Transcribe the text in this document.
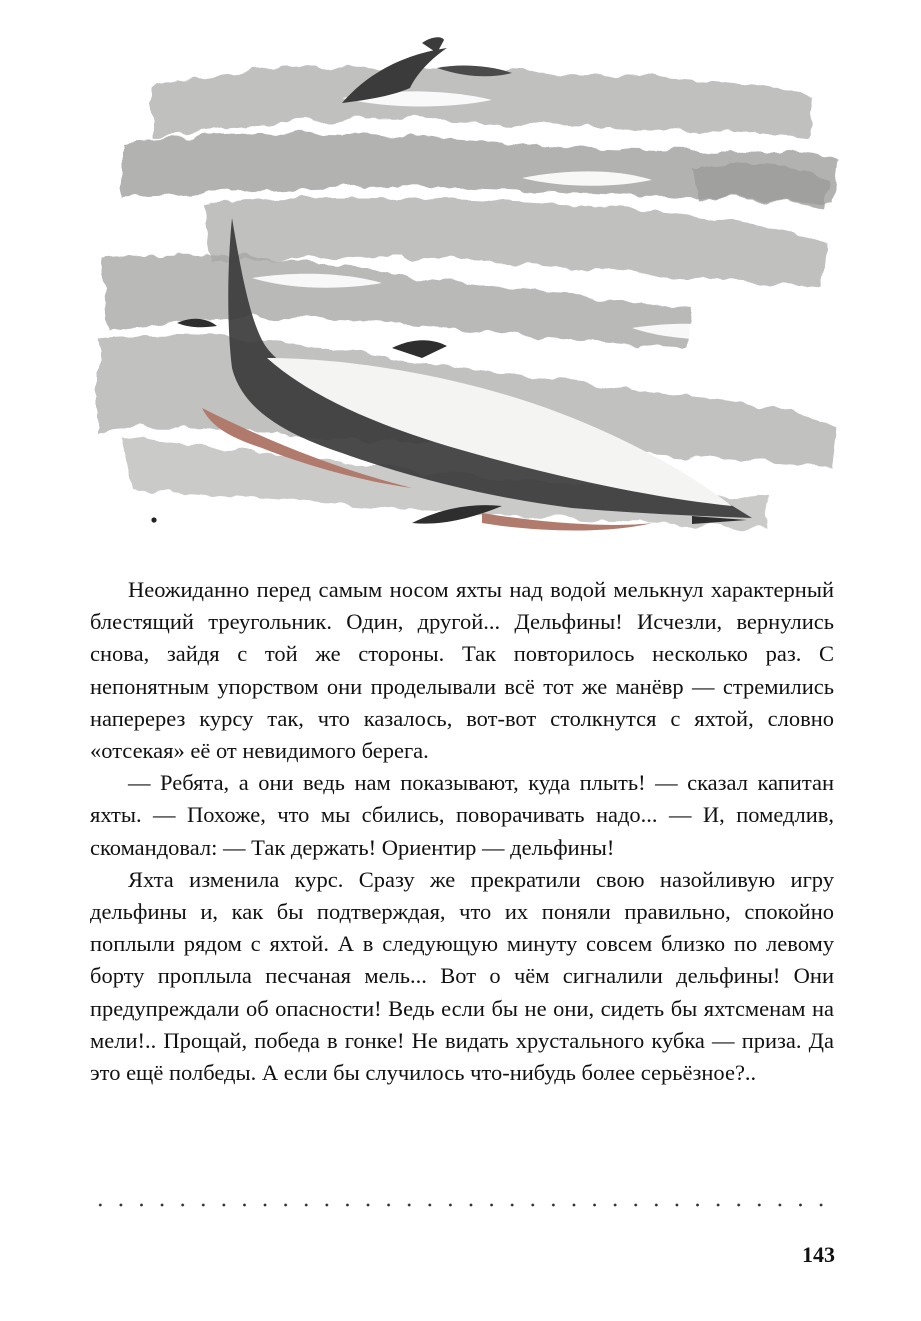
Неожиданно перед самым носом яхты над водой мелькнул характерный блестящий треугольник. Один, другой... Дельфины! Исчезли, вернулись снова, зайдя с той же стороны. Так повторилось несколько раз. С непонятным упорством они проделывали всё тот же манёвр — стремились наперерез курсу так, что казалось, вот-вот столкнутся с яхтой, словно «отсекая» её от невидимого берега.

— Ребята, а они ведь нам показывают, куда плыть! — сказал капитан яхты. — Похоже, что мы сбились, поворачивать надо... — И, помедлив, скомандовал: — Так держать! Ориентир — дельфины!

Яхта изменила курс. Сразу же прекратили свою назойливую игру дельфины и, как бы подтверждая, что их поняли правильно, спокойно поплыли рядом с яхтой. А в следующую минуту совсем близко по левому борту проплыла песчаная мель... Вот о чём сигналили дельфины! Они предупреждали об опасности! Ведь если бы не они, сидеть бы яхтсменам на мели!.. Прощай, победа в гонке! Не видать хрустального кубка — приза. Да это ещё полбеды. А если бы случилось что-нибудь более серьёзное?..

143
